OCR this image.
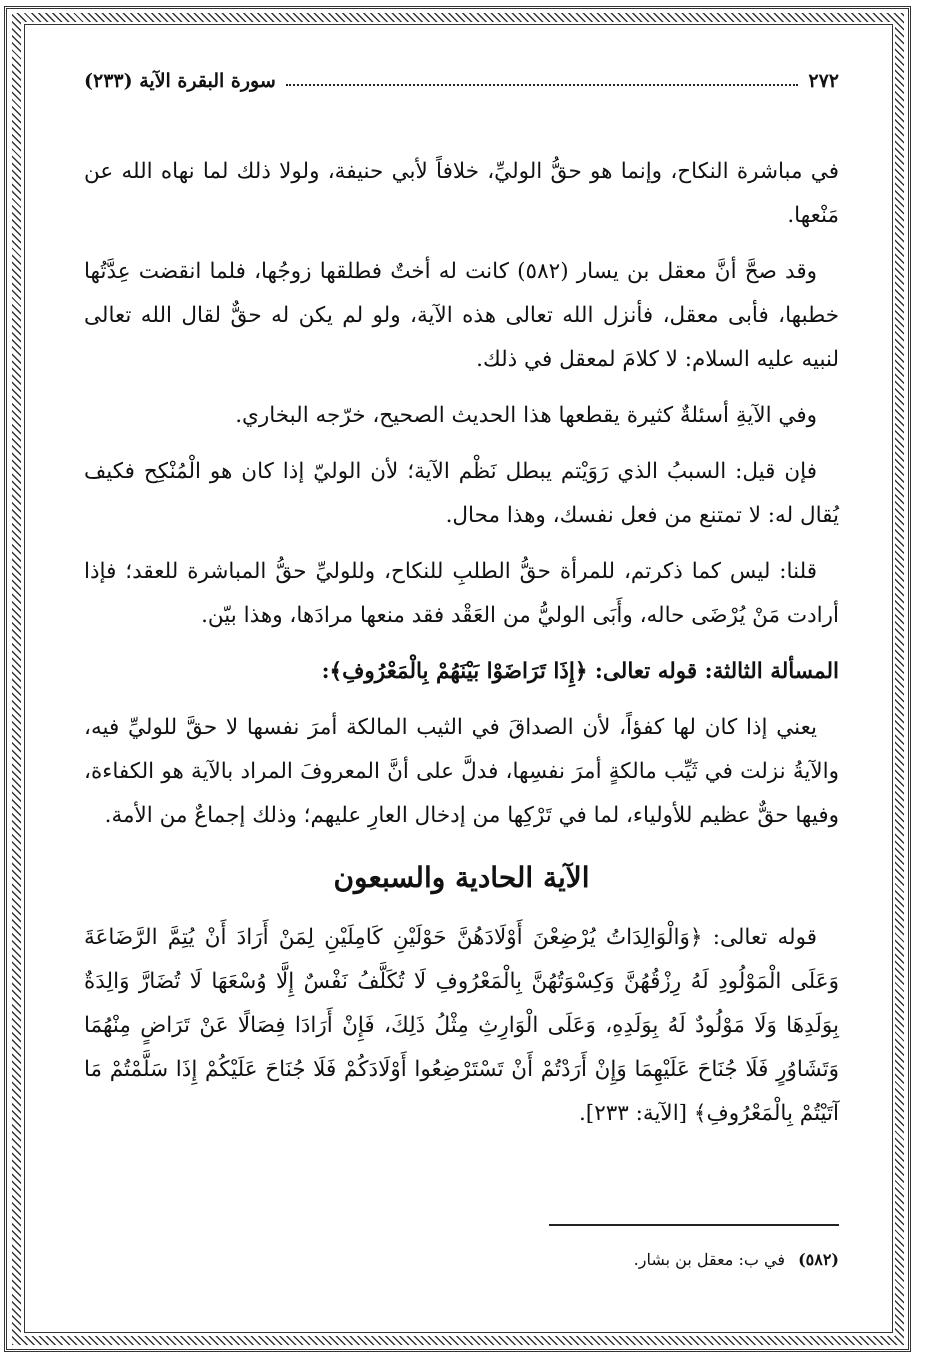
٢٧٢
سورة البقرة الآية (٢٣٣)

في مباشرة النكاح، وإنما هو حقُّ الوليِّ، خلافاً لأبي حنيفة، ولولا ذلك لما نهاه الله عن مَنْعها.

وقد صحَّ أنَّ معقل بن يسار (٥٨٢) كانت له أختٌ فطلقها زوجُها، فلما انقضت عِدَّتُها خطبها، فأبى معقل، فأنزل الله تعالى هذه الآية، ولو لم يكن له حقٌّ لقال الله تعالى لنبيه عليه السلام: لا كلامَ لمعقل في ذلك.

وفي الآيةِ أسئلةٌ كثيرة يقطعها هذا الحديث الصحيح، خرّجه البخاري.

فإن قيل: السببُ الذي رَوَيْتم يبطل نَظْم الآية؛ لأن الوليّ إذا كان هو الْمُنْكِح فكيف يُقال له: لا تمتنع من فعل نفسك، وهذا محال.

قلنا: ليس كما ذكرتم، للمرأة حقُّ الطلبِ للنكاح، وللوليِّ حقُّ المباشرة للعقد؛ فإذا أرادت مَنْ يُرْضَى حاله، وأَبَى الوليُّ من العَقْد فقد منعها مرادَها، وهذا بيّن.

المسألة الثالثة: قوله تعالى: ﴿إِذَا تَرَاضَوْا بَيْنَهُمْ بِالْمَعْرُوفِ﴾:

يعني إذا كان لها كفؤاً، لأن الصداقَ في الثيب المالكة أمرَ نفسها لا حقَّ للوليِّ فيه، والآيةُ نزلت في ثَيِّب مالكةٍ أمرَ نفسِها، فدلَّ على أنَّ المعروفَ المراد بالآية هو الكفاءة، وفيها حقٌّ عظيم للأولياء، لما في تَرْكِها من إدخال العارِ عليهم؛ وذلك إجماعٌ من الأمة.

الآية الحادية والسبعون

قوله تعالى: ﴿وَالْوَالِدَاتُ يُرْضِعْنَ أَوْلَادَهُنَّ حَوْلَيْنِ كَامِلَيْنِ لِمَنْ أَرَادَ أَنْ يُتِمَّ الرَّضَاعَةَ وَعَلَى الْمَوْلُودِ لَهُ رِزْقُهُنَّ وَكِسْوَتُهُنَّ بِالْمَعْرُوفِ لَا تُكَلَّفُ نَفْسٌ إِلَّا وُسْعَهَا لَا تُضَارَّ وَالِدَةٌ بِوَلَدِهَا وَلَا مَوْلُودٌ لَهُ بِوَلَدِهِ، وَعَلَى الْوَارِثِ مِثْلُ ذَلِكَ، فَإِنْ أَرَادَا فِصَالًا عَنْ تَرَاضٍ مِنْهُمَا وَتَشَاوُرٍ فَلَا جُنَاحَ عَلَيْهِمَا وَإِنْ أَرَدْتُمْ أَنْ تَسْتَرْضِعُوا أَوْلَادَكُمْ فَلَا جُنَاحَ عَلَيْكُمْ إِذَا سَلَّمْتُمْ مَا آتَيْتُمْ بِالْمَعْرُوفِ﴾ [الآية: ٢٣٣].

(٥٨٢) في ب: معقل بن بشار.
